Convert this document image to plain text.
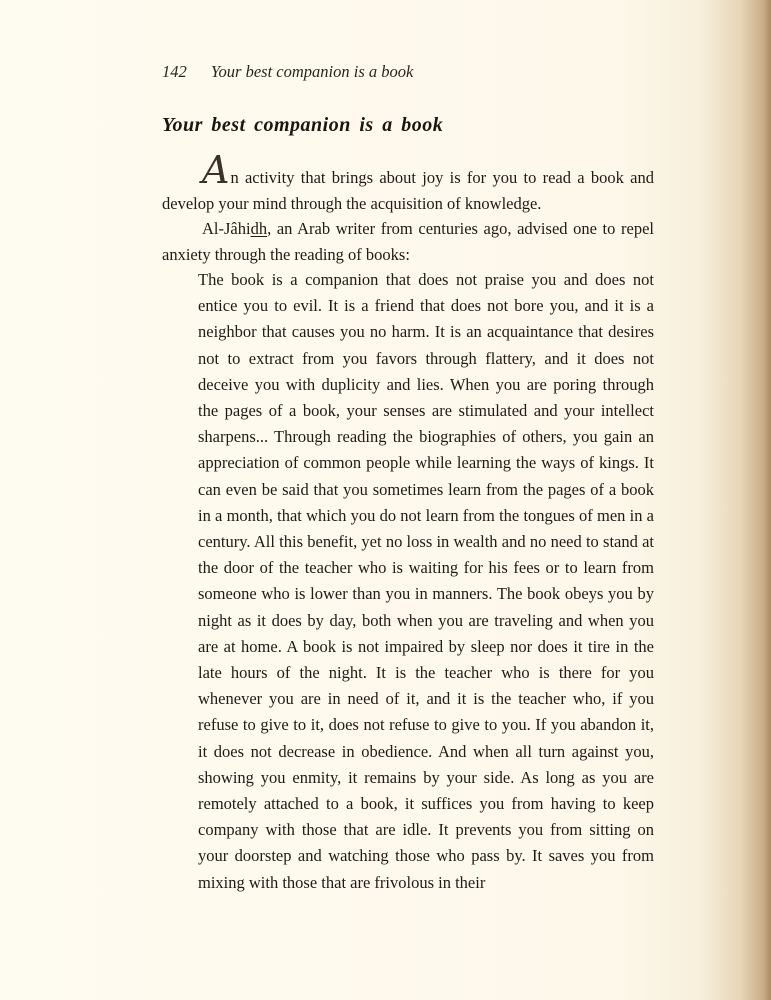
142 Your best companion is a book
Your best companion is a book

An activity that brings about joy is for you to read a book and develop your mind through the acquisition of knowledge.

Al-Jâhidh, an Arab writer from centuries ago, advised one to repel anxiety through the reading of books:

The book is a companion that does not praise you and does not entice you to evil. It is a friend that does not bore you, and it is a neighbor that causes you no harm. It is an acquaintance that desires not to extract from you favors through flattery, and it does not deceive you with duplicity and lies. When you are poring through the pages of a book, your senses are stimulated and your intellect sharpens... Through reading the biographies of others, you gain an appreciation of common people while learning the ways of kings. It can even be said that you sometimes learn from the pages of a book in a month, that which you do not learn from the tongues of men in a century. All this benefit, yet no loss in wealth and no need to stand at the door of the teacher who is waiting for his fees or to learn from someone who is lower than you in manners. The book obeys you by night as it does by day, both when you are traveling and when you are at home. A book is not impaired by sleep nor does it tire in the late hours of the night. It is the teacher who is there for you whenever you are in need of it, and it is the teacher who, if you refuse to give to it, does not refuse to give to you. If you abandon it, it does not decrease in obedience. And when all turn against you, showing you enmity, it remains by your side. As long as you are remotely attached to a book, it suffices you from having to keep company with those that are idle. It prevents you from sitting on your doorstep and watching those who pass by. It saves you from mixing with those that are frivolous in their
